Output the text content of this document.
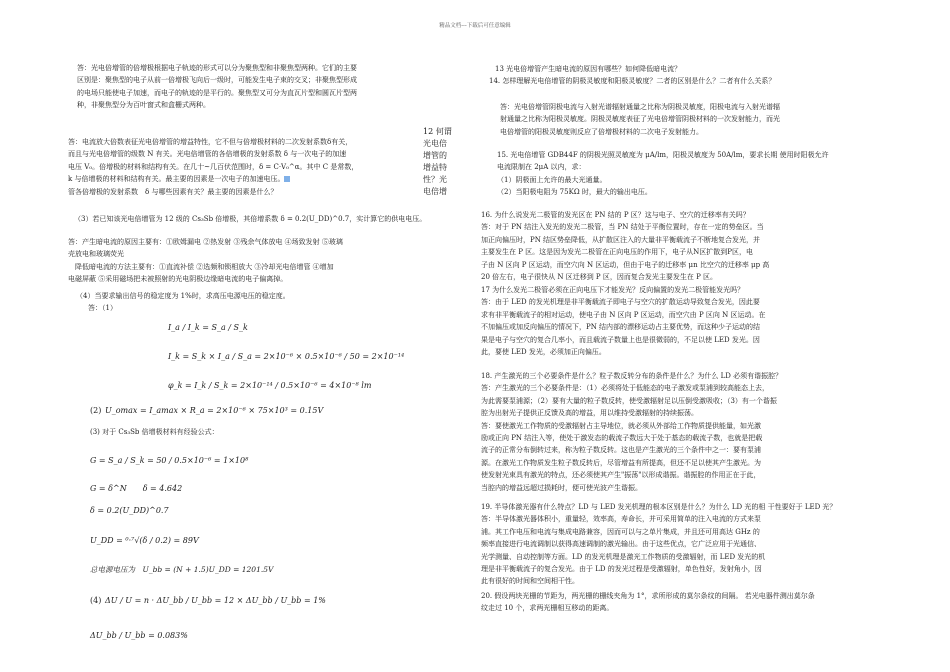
精品文档---下载后可任意编辑

答：光电倍增管的倍增极根据电子轨迹的形式可以分为聚焦型和非聚焦型两种。它们的主要

区别是：聚焦型的电子从前一倍增极飞向后一级时，可能发生电子束的交叉；非聚焦型形成

的电场只能使电子加速，而电子的轨迹的是平行的。聚焦型又可分为直瓦片型和圆瓦片型两

种，非聚焦型分为百叶窗式和盒栅式两种。

答：电流放大倍数表征光电倍增管的增益特性，它不但与倍增极材料的二次发射系数δ有关，

而且与光电倍增管的级数 N 有关。光电倍增管的各倍增极的发射系数 δ 与一次电子的加速

电压 V₀。倍增极的材料和结构有关。在几十~几百伏范围时，δ = C·V₀^α。其中 C 是常数，

k 与倍增极的材料和结构有关。最主要的因素是一次电子的加速电压。

管各倍增极的发射系数　δ 与哪些因素有关？最主要的因素是什么？

12 何谓
光电倍
增管的
增益特
性？光
电倍增

（3）若已知该光电倍增管为 12 级的 Cs₃Sb 倍增极，其倍增系数 δ = 0.2(U_DD)^0.7，实计算它的供电电压。

答：产生暗电流的原因主要有：①欧姆漏电 ②热发射 ③残余气体放电 ④场致发射 ⑤玻璃

壳放电和玻璃荧光

　降低暗电流的方法主要有：①直流补偿 ②选频和锁相放大 ③冷却光电倍增管 ④增加

电磁屏蔽 ⑤采用磁场把未被照射的光电阴极边缘暗电流的电子偏离掉。

（4）当要求输出信号的稳定度为 1%时，求高压电源电压的稳定度。

答：（1）

I_a / I_k = S_a / S_k
I_k = S_k × I_a / S_a = 2×10⁻⁶ × 0.5×10⁻⁶ / 50 = 2×10⁻¹⁴
φ_k = I_k / S_k = 2×10⁻¹⁴ / 0.5×10⁻⁶ = 4×10⁻⁸ lm
(2) U_omax = I_amax × R_a = 2×10⁻⁶ × 75×10³ = 0.15V
(3) 对于 Cs₃Sb 倍增极材料有经验公式：
G = S_a / S_k = 50 / 0.5×10⁻⁶ = 1×10⁸
G = δ^N　　δ = 4.642
δ = 0.2(U_DD)^0.7
U_DD = ⁰·⁷√(δ / 0.2) = 89V
总电源电压为　U_bb = (N + 1.5)U_DD = 1201.5V
(4) ΔU / U = n · ΔU_bb / U_bb = 12 × ΔU_bb / U_bb = 1%
ΔU_bb / U_bb = 0.083%

13 光电倍增管产生暗电流的原因有哪些？如何降低暗电流？

14. 怎样理解光电倍增管的阴极灵敏度和阳极灵敏度？二者的区别是什么？二者有什么关系？

答：光电倍增管阴极电流与入射光谱辐射通量之比称为阴极灵敏度，阳极电流与入射光谱辐

射通量之比称为阳极灵敏度。阴极灵敏度表征了光电倍增管阴极材料的一次发射能力，而光

电倍增管的阳极灵敏度则反应了倍增极材料的二次电子发射能力。

15. 光电倍增管 GDB44F 的阴极光照灵敏度为 μA/lm，阳极灵敏度为 50A/lm，要求长期 使用时阳极允许

电流限制在 2μA 以内，求：

（1）阴极面上允许的最大光通量。

（2）当阳极电阻为 75KΩ 时，最大的输出电压。

16. 为什么说发光二极管的发光区在 PN 结的 P 区？这与电子、空穴的迁移率有关吗？

答：对于 PN 结注入发光的发光二极管，当 PN 结处于平衡位置时，存在一定的势垒区。当

加正向偏压时，PN 结区势垒降低，从扩散区注入的大量非平衡载流子不断地复合发光，并

主要发生在 P 区。这是因为发光二极管在正向电压的作用下，电子从N区扩散到P区，电

子由 N 区向 P 区运动，而空穴向 N 区运动，但由于电子的迁移率 μn 比空穴的迁移率 μp 高

20 倍左右，电子很快从 N 区迁移到 P 区，因而复合发光主要发生在 P 区。

17 为什么发光二极管必须在正向电压下才能发光？反向偏置的发光二极管能发光吗？

答：由于 LED 的发光机理是非平衡载流子即电子与空穴的扩散运动导致复合发光，因此要

求有非平衡载流子的相对运动，使电子由 N 区向 P 区运动，而空穴由 P 区向 N 区运动。在

不加偏压或加反向偏压的情况下，PN 结内部的漂移运动占主要优势，而这种少子运动的结

果是电子与空穴的复合几率小，而且载流子数量上也是很微弱的，不足以使 LED 发光。因

此，要使 LED 发光，必须加正向偏压。

18. 产生激光的三个必要条件是什么？粒子数反转分布的条件是什么？为什么 LD 必须有谐振腔？

答：产生激光的三个必要条件是：（1）必须将处于低能态的电子激发或泵浦到较高能态上去，

为此需要泵浦源；（2）要有大量的粒子数反转，使受激辐射足以压倒受激吸收；（3）有一个谐振

腔为出射光子提供正反馈及高的增益，用以维持受激辐射的持续振荡。

答：要使激光工作物质的受激辐射占主导地位，就必须从外部给工作物质提供能量，如光激

励或正向 PN 结注入等，使处于激发态的载流子数远大于处于基态的载流子数，也就是把载

流子的正常分布倒转过来，称为粒子数反转。这也是产生激光的三个条件中之一：要有泵浦

源。在激光工作物质发生粒子数反转后，尽管增益有所提高，但还不足以使其产生激光。为

使发射光束具有激光的特点，还必须使其产生"振荡"以形成谐振。谐振腔的作用正在于此，

当腔内的增益远超过损耗时，便可使光波产生谐振。

19. 半导体激光器有什么特点？LD 与 LED 发光机理的根本区别是什么？为什么 LD 光的相 干性要好于 LED 光？

答：半导体激光器体积小，重量轻，效率高，寿命长，并可采用简单的注入电流的方式来泵

浦。其工作电压和电流与集成电路兼容，因而可以与之单片集成，并且还可用高达 GHz 的

频率直接进行电流调制以获得高速调制的激光输出。由于这些优点，它广泛应用于光通信、

光学测量、自动控制等方面。LD 的发光机理是激光工作物质的受激辐射，而 LED 发光的机

理是非平衡载流子的复合发光。由于 LD 的发光过程是受激辐射，单色性好，发射角小，因

此有很好的时间和空间相干性。

20. 假设两块光栅的节距为，两光栅的栅线夹角为 1°，求所形成的莫尔条纹的间隔。 若光电器件测出莫尔条

纹走过 10 个，求两光栅相互移动的距离。
